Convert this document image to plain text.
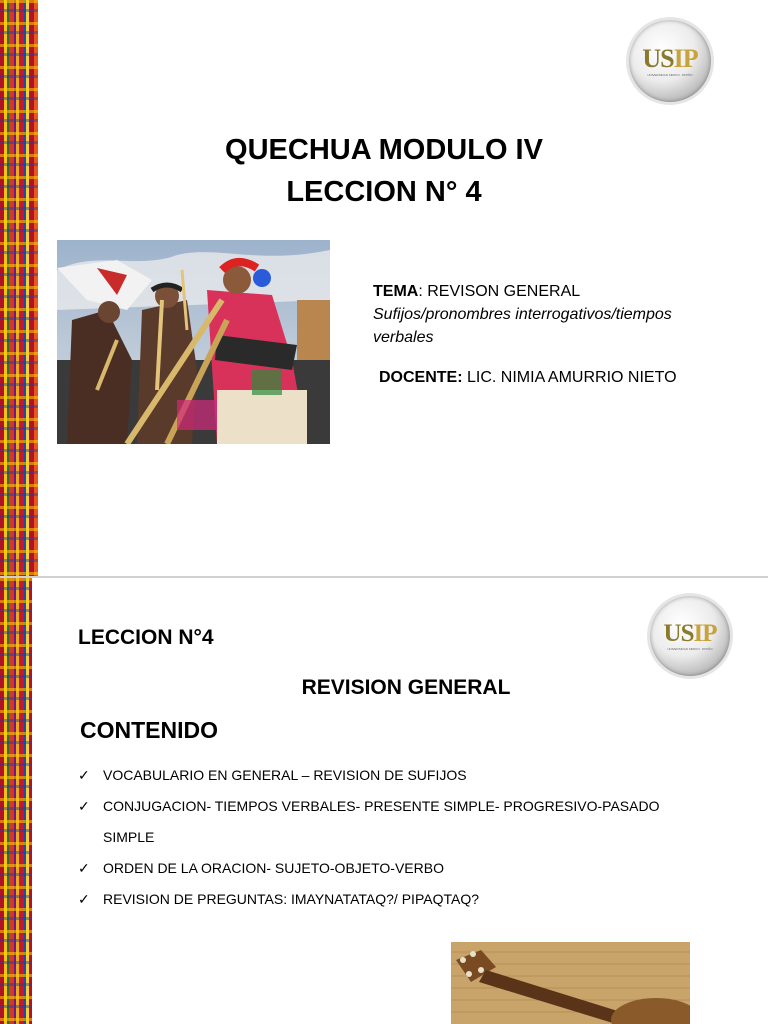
USIP
UNIVERSIDAD SIMON I. PATIÑO
QUECHUA MODULO IV
LECCION N° 4
TEMA: REVISON GENERAL
Sufijos/pronombres interrogativos/tiempos verbales
DOCENTE: LIC. NIMIA AMURRIO NIETO
USIP
UNIVERSIDAD SIMON I. PATIÑO
LECCION N°4
REVISION GENERAL
CONTENIDO
✓ VOCABULARIO EN GENERAL – REVISION DE SUFIJOS
✓ CONJUGACION- TIEMPOS VERBALES- PRESENTE SIMPLE- PROGRESIVO-PASADO SIMPLE
✓ ORDEN DE LA ORACION- SUJETO-OBJETO-VERBO
✓ REVISION DE PREGUNTAS: IMAYNATATAQ?/ PIPAQTAQ?
